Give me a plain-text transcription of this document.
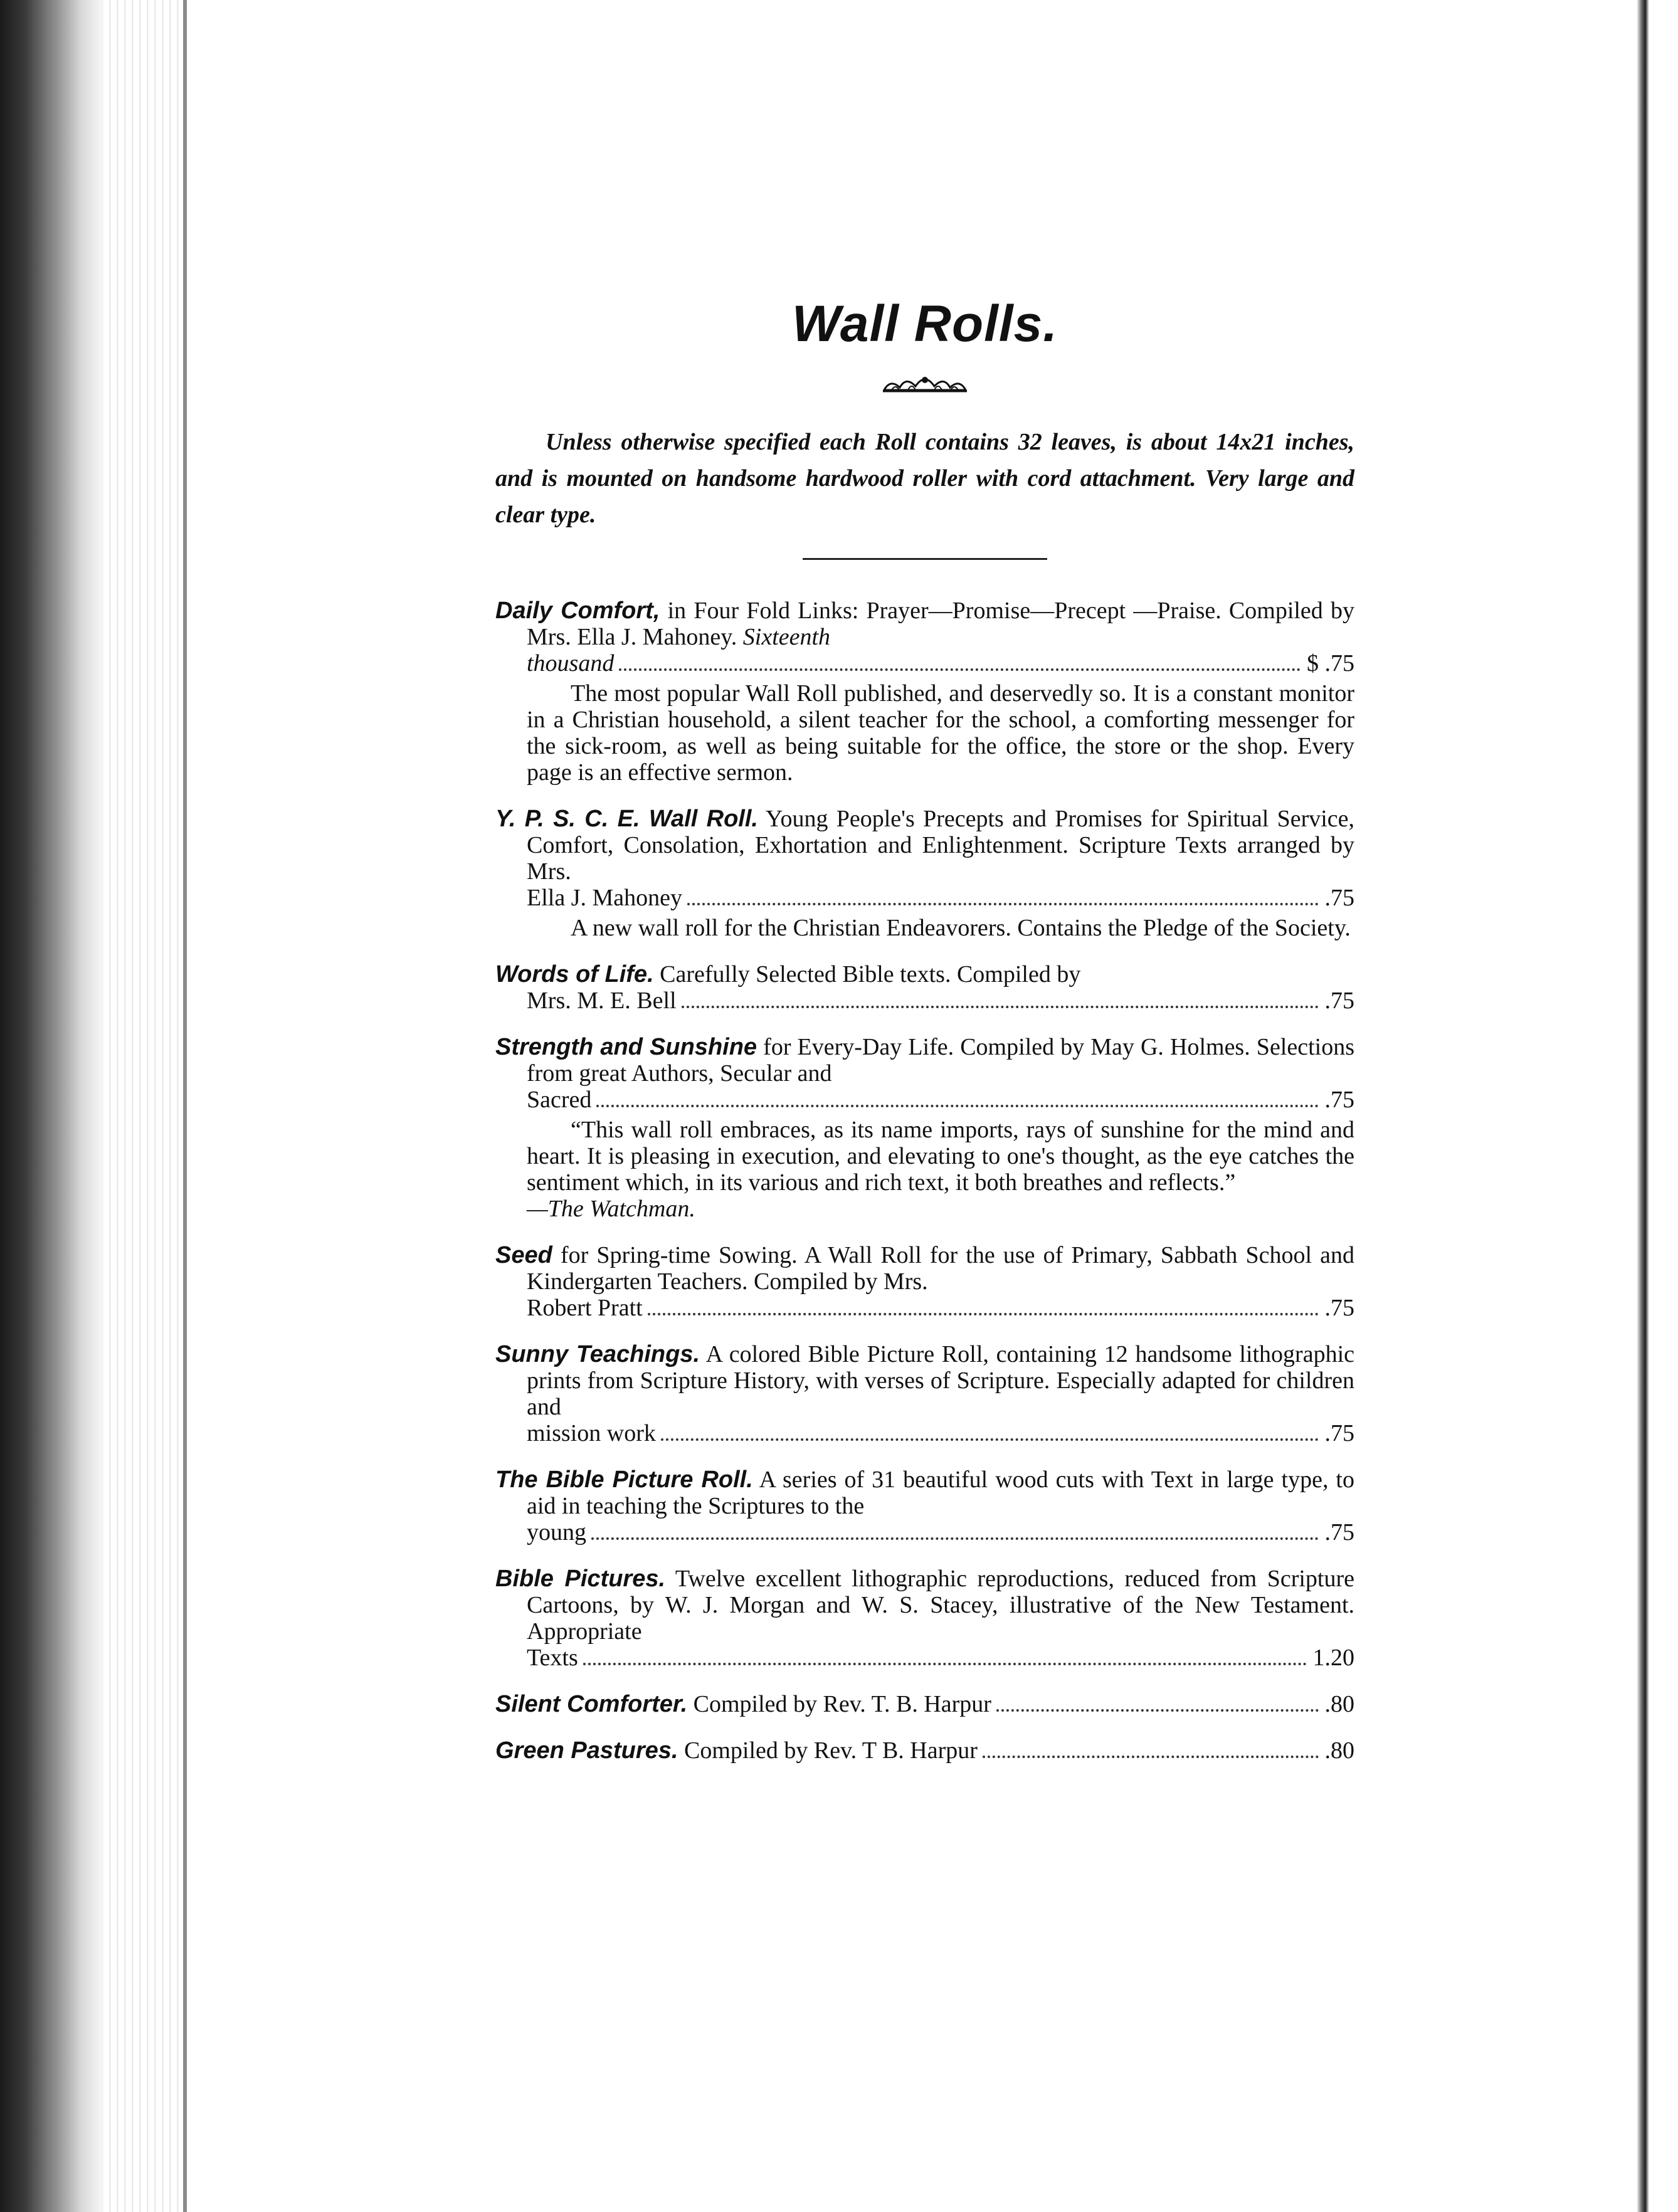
Wall Rolls.

Unless otherwise specified each Roll contains 32 leaves, is about 14x21 inches, and is mounted on handsome hardwood roller with cord attachment. Very large and clear type.

Daily Comfort, in Four Fold Links: Prayer—Promise—Precept —Praise. Compiled by Mrs. Ella J. Mahoney. Sixteenth
thousand	$ .75
The most popular Wall Roll published, and deservedly so. It is a constant monitor in a Christian household, a silent teacher for the school, a comforting messenger for the sick-room, as well as being suitable for the office, the store or the shop. Every page is an effective sermon.
Y. P. S. C. E. Wall Roll. Young People's Precepts and Promises for Spiritual Service, Comfort, Consolation, Exhortation and Enlightenment. Scripture Texts arranged by Mrs.
Ella J. Mahoney	.75
A new wall roll for the Christian Endeavorers. Contains the Pledge of the Society.
Words of Life. Carefully Selected Bible texts. Compiled by
Mrs. M. E. Bell	.75
Strength and Sunshine for Every-Day Life. Compiled by May G. Holmes. Selections from great Authors, Secular and
Sacred	.75
“This wall roll embraces, as its name imports, rays of sunshine for the mind and heart. It is pleasing in execution, and elevating to one's thought, as the eye catches the sentiment which, in its various and rich text, it both breathes and reflects.”
—The Watchman.
Seed for Spring-time Sowing. A Wall Roll for the use of Primary, Sabbath School and Kindergarten Teachers. Compiled by Mrs.
Robert Pratt	.75
Sunny Teachings. A colored Bible Picture Roll, containing 12 handsome lithographic prints from Scripture History, with verses of Scripture. Especially adapted for children and
mission work	.75
The Bible Picture Roll. A series of 31 beautiful wood cuts with Text in large type, to aid in teaching the Scriptures to the
young	.75
Bible Pictures. Twelve excellent lithographic reproductions, reduced from Scripture Cartoons, by W. J. Morgan and W. S. Stacey, illustrative of the New Testament. Appropriate
Texts	1.20
Silent Comforter. Compiled by Rev. T. B. Harpur	.80
Green Pastures. Compiled by Rev. T B. Harpur	.80
